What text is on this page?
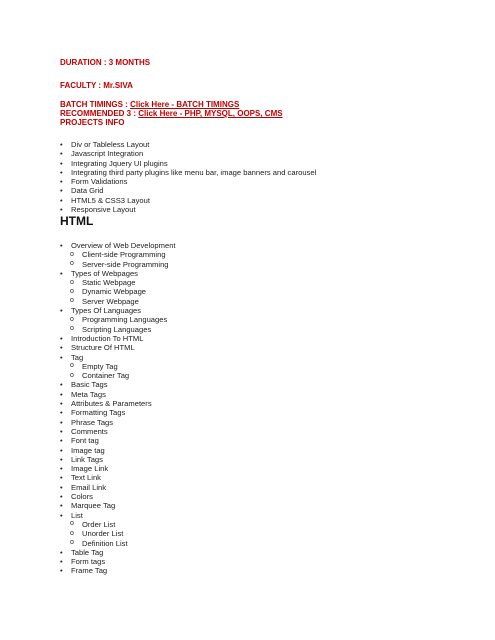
DURATION : 3 MONTHS
FACULTY : Mr.SIVA
BATCH TIMINGS : Click Here - BATCH TIMINGS
RECOMMENDED 3 : Click Here - PHP, MYSQL, OOPS, CMS
PROJECTS INFO
• Div or Tableless Layout
• Javascript Integration
• Integrating Jquery UI plugins
• Integrating third party plugins like menu bar, image banners and carousel
• Form Validations
• Data Grid
• HTML5 & CSS3 Layout
• Responsive Layout
HTML
• Overview of Web Development
o Client-side Programming
o Server-side Programming
• Types of Webpages
o Static Webpage
o Dynamic Webpage
o Server Webpage
• Types Of Languages
o Programming Languages
o Scripting Languages
• Introduction To HTML
• Structure Of HTML
• Tag
o Empty Tag
o Container Tag
• Basic Tags
• Meta Tags
• Attributes & Parameters
• Formatting Tags
• Phrase Tags
• Comments
• Font tag
• Image tag
• Link Tags
• Image Link
• Text Link
• Email Link
• Colors
• Marquee Tag
• List
o Order List
o Unorder List
o Definition List
• Table Tag
• Form tags
• Frame Tag
